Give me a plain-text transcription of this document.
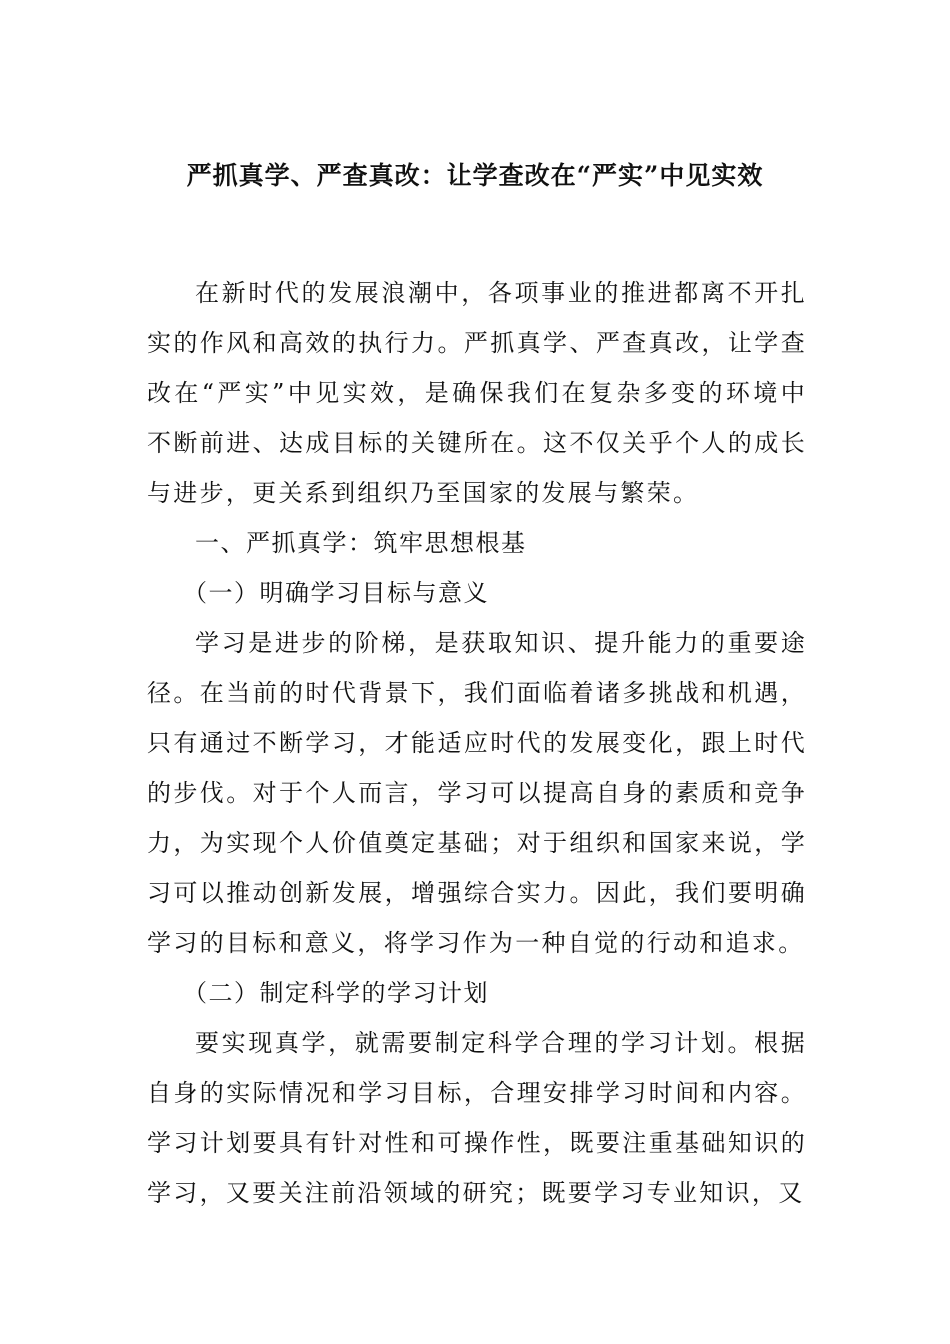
严抓真学、严查真改：让学查改在“严实”中见实效

在新时代的发展浪潮中，各项事业的推进都离不开扎实的作风和高效的执行力。严抓真学、严查真改，让学查改在“严实”中见实效，是确保我们在复杂多变的环境中不断前进、达成目标的关键所在。这不仅关乎个人的成长与进步，更关系到组织乃至国家的发展与繁荣。

一、严抓真学：筑牢思想根基

（一）明确学习目标与意义

学习是进步的阶梯，是获取知识、提升能力的重要途径。在当前的时代背景下，我们面临着诸多挑战和机遇，只有通过不断学习，才能适应时代的发展变化，跟上时代的步伐。对于个人而言，学习可以提高自身的素质和竞争力，为实现个人价值奠定基础；对于组织和国家来说，学习可以推动创新发展，增强综合实力。因此，我们要明确学习的目标和意义，将学习作为一种自觉的行动和追求。

（二）制定科学的学习计划

要实现真学，就需要制定科学合理的学习计划。根据自身的实际情况和学习目标，合理安排学习时间和内容。学习计划要具有针对性和可操作性，既要注重基础知识的学习，又要关注前沿领域的研究；既要学习专业知识，又
